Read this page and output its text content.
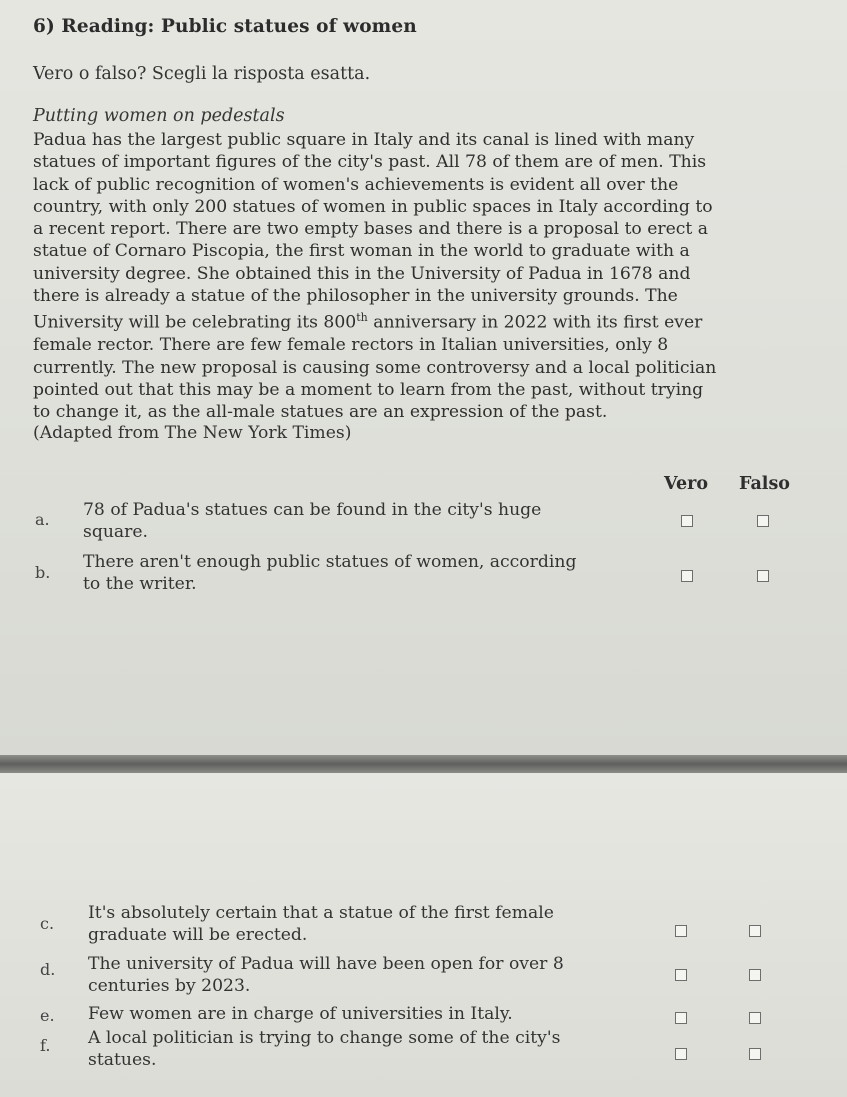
6) Reading: Public statues of women
Vero o falso? Scegli la risposta esatta.
Putting women on pedestals
Padua has the largest public square in Italy and its canal is lined with many
statues of important figures of the city's past. All 78 of them are of men. This
lack of public recognition of women's achievements is evident all over the
country, with only 200 statues of women in public spaces in Italy according to
a recent report. There are two empty bases and there is a proposal to erect a
statue of Cornaro Piscopia, the first woman in the world to graduate with a
university degree. She obtained this in the University of Padua in 1678 and
there is already a statue of the philosopher in the university grounds. The
University will be celebrating its 800th anniversary in 2022 with its first ever
female rector. There are few female rectors in Italian universities, only 8
currently. The new proposal is causing some controversy and a local politician
pointed out that this may be a moment to learn from the past, without trying
to change it, as the all-male statues are an expression of the past.
(Adapted from The New York Times)
Vero Falso
a. 78 of Padua's statues can be found in the city's huge
square.
b.
There aren't enough public statues of women, according
to the writer.
c.
It's absolutely certain that a statue of the first female
graduate will be erected.
d. The university of Padua will have been open for over 8
centuries by 2023.
e. Few women are in charge of universities in Italy.
f. A local politician is trying to change some of the city's
statues.
